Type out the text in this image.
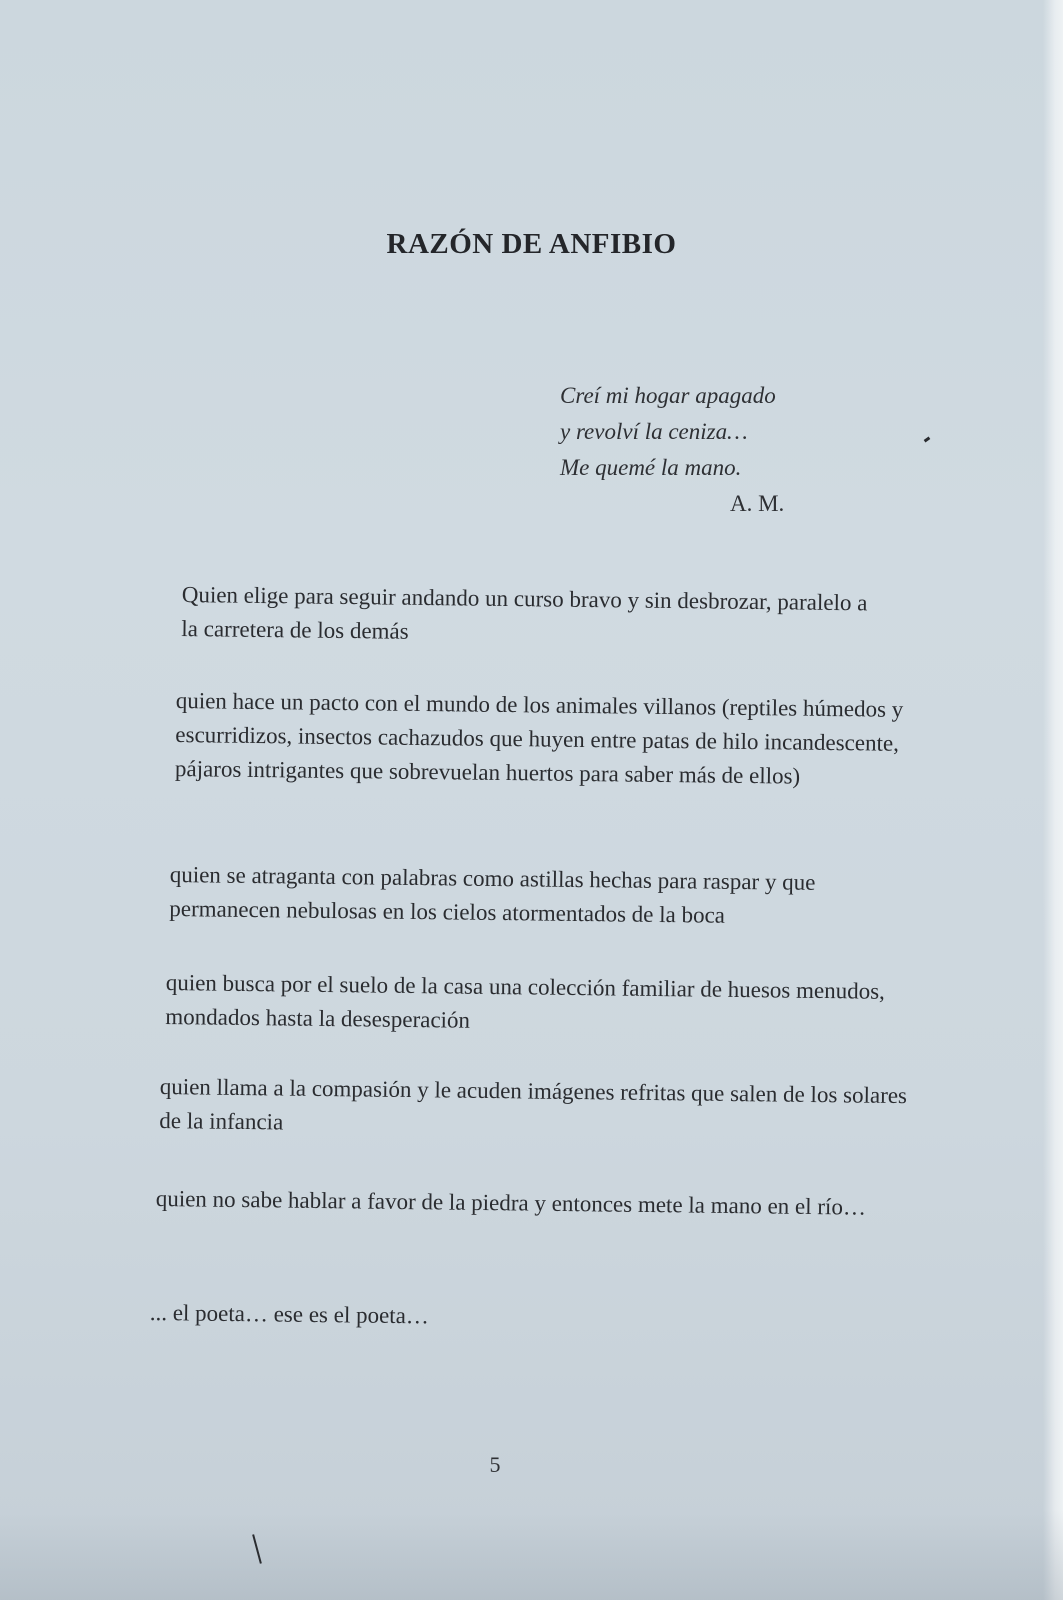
RAZÓN DE ANFIBIO
Creí mi hogar apagado
y revolví la ceniza…
Me quemé la mano.
A. M.

Quien elige para seguir andando un curso bravo y sin desbrozar, paralelo a la carretera de los demás

quien hace un pacto con el mundo de los animales villanos (reptiles húmedos y escurridizos, insectos cachazudos que huyen entre patas de hilo incandescente, pájaros intrigantes que sobrevuelan huertos para saber más de ellos)

quien se atraganta con palabras como astillas hechas para raspar y que permanecen nebulosas en los cielos atormentados de la boca

quien busca por el suelo de la casa una colección familiar de huesos menudos, mondados hasta la desesperación

quien llama a la compasión y le acuden imágenes refritas que salen de los solares de la infancia

quien no sabe hablar a favor de la piedra y entonces mete la mano en el río…

... el poeta… ese es el poeta…

5
